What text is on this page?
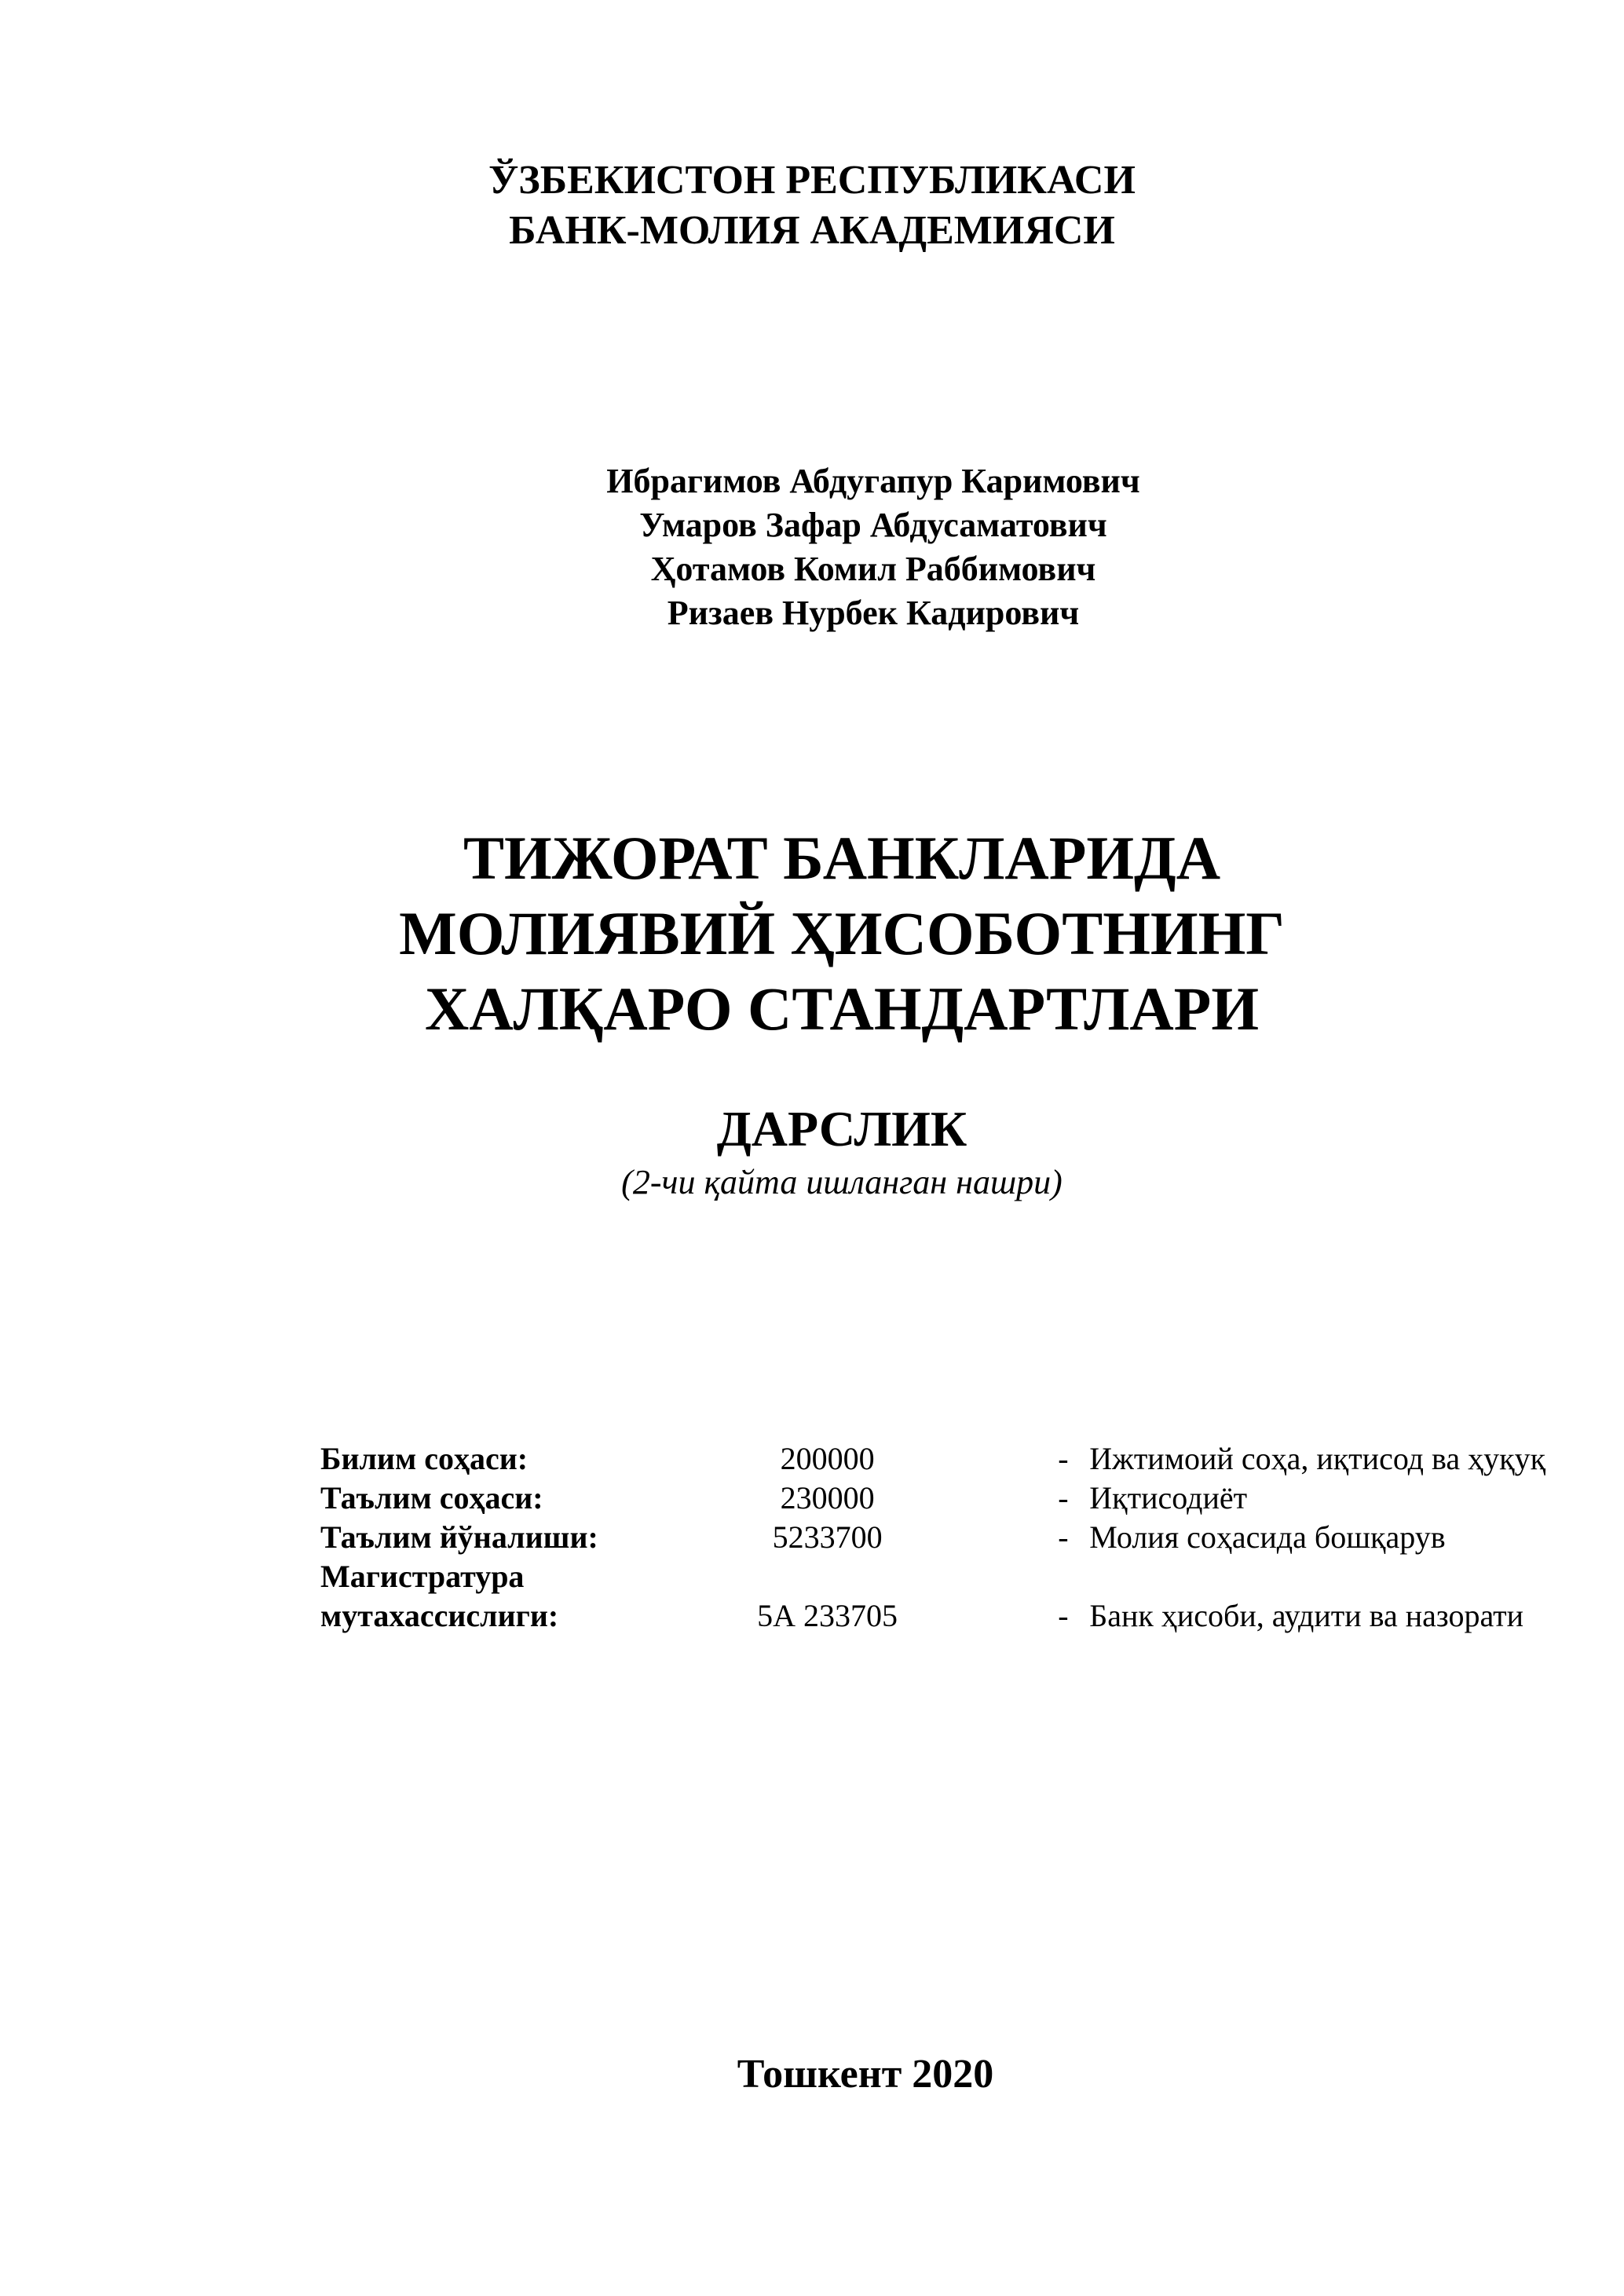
ЎЗБЕКИСТОН РЕСПУБЛИКАСИ
БАНК-МОЛИЯ АКАДЕМИЯСИ
Ибрагимов Абдугапур Каримович
Умаров Зафар Абдусаматович
Ҳотамов Комил Раббимович
Ризаев Нурбек Кадирович
ТИЖОРАТ БАНКЛАРИДА
МОЛИЯВИЙ ҲИСОБОТНИНГ
ХАЛҚАРО СТАНДАРТЛАРИ
ДАРСЛИК
(2-чи қайта ишланган нашри)
Билим соҳаси:	200000	- Ижтимоий соҳа, иқтисод ва ҳуқуқ
Таълим соҳаси:	230000	- Иқтисодиёт
Таълим йўналиши:	5233700	- Молия соҳасида бошқарув
Магистратура		
мутахассислиги:	5А 233705	- Банк ҳисоби, аудити ва назорати
Тошкент 2020
